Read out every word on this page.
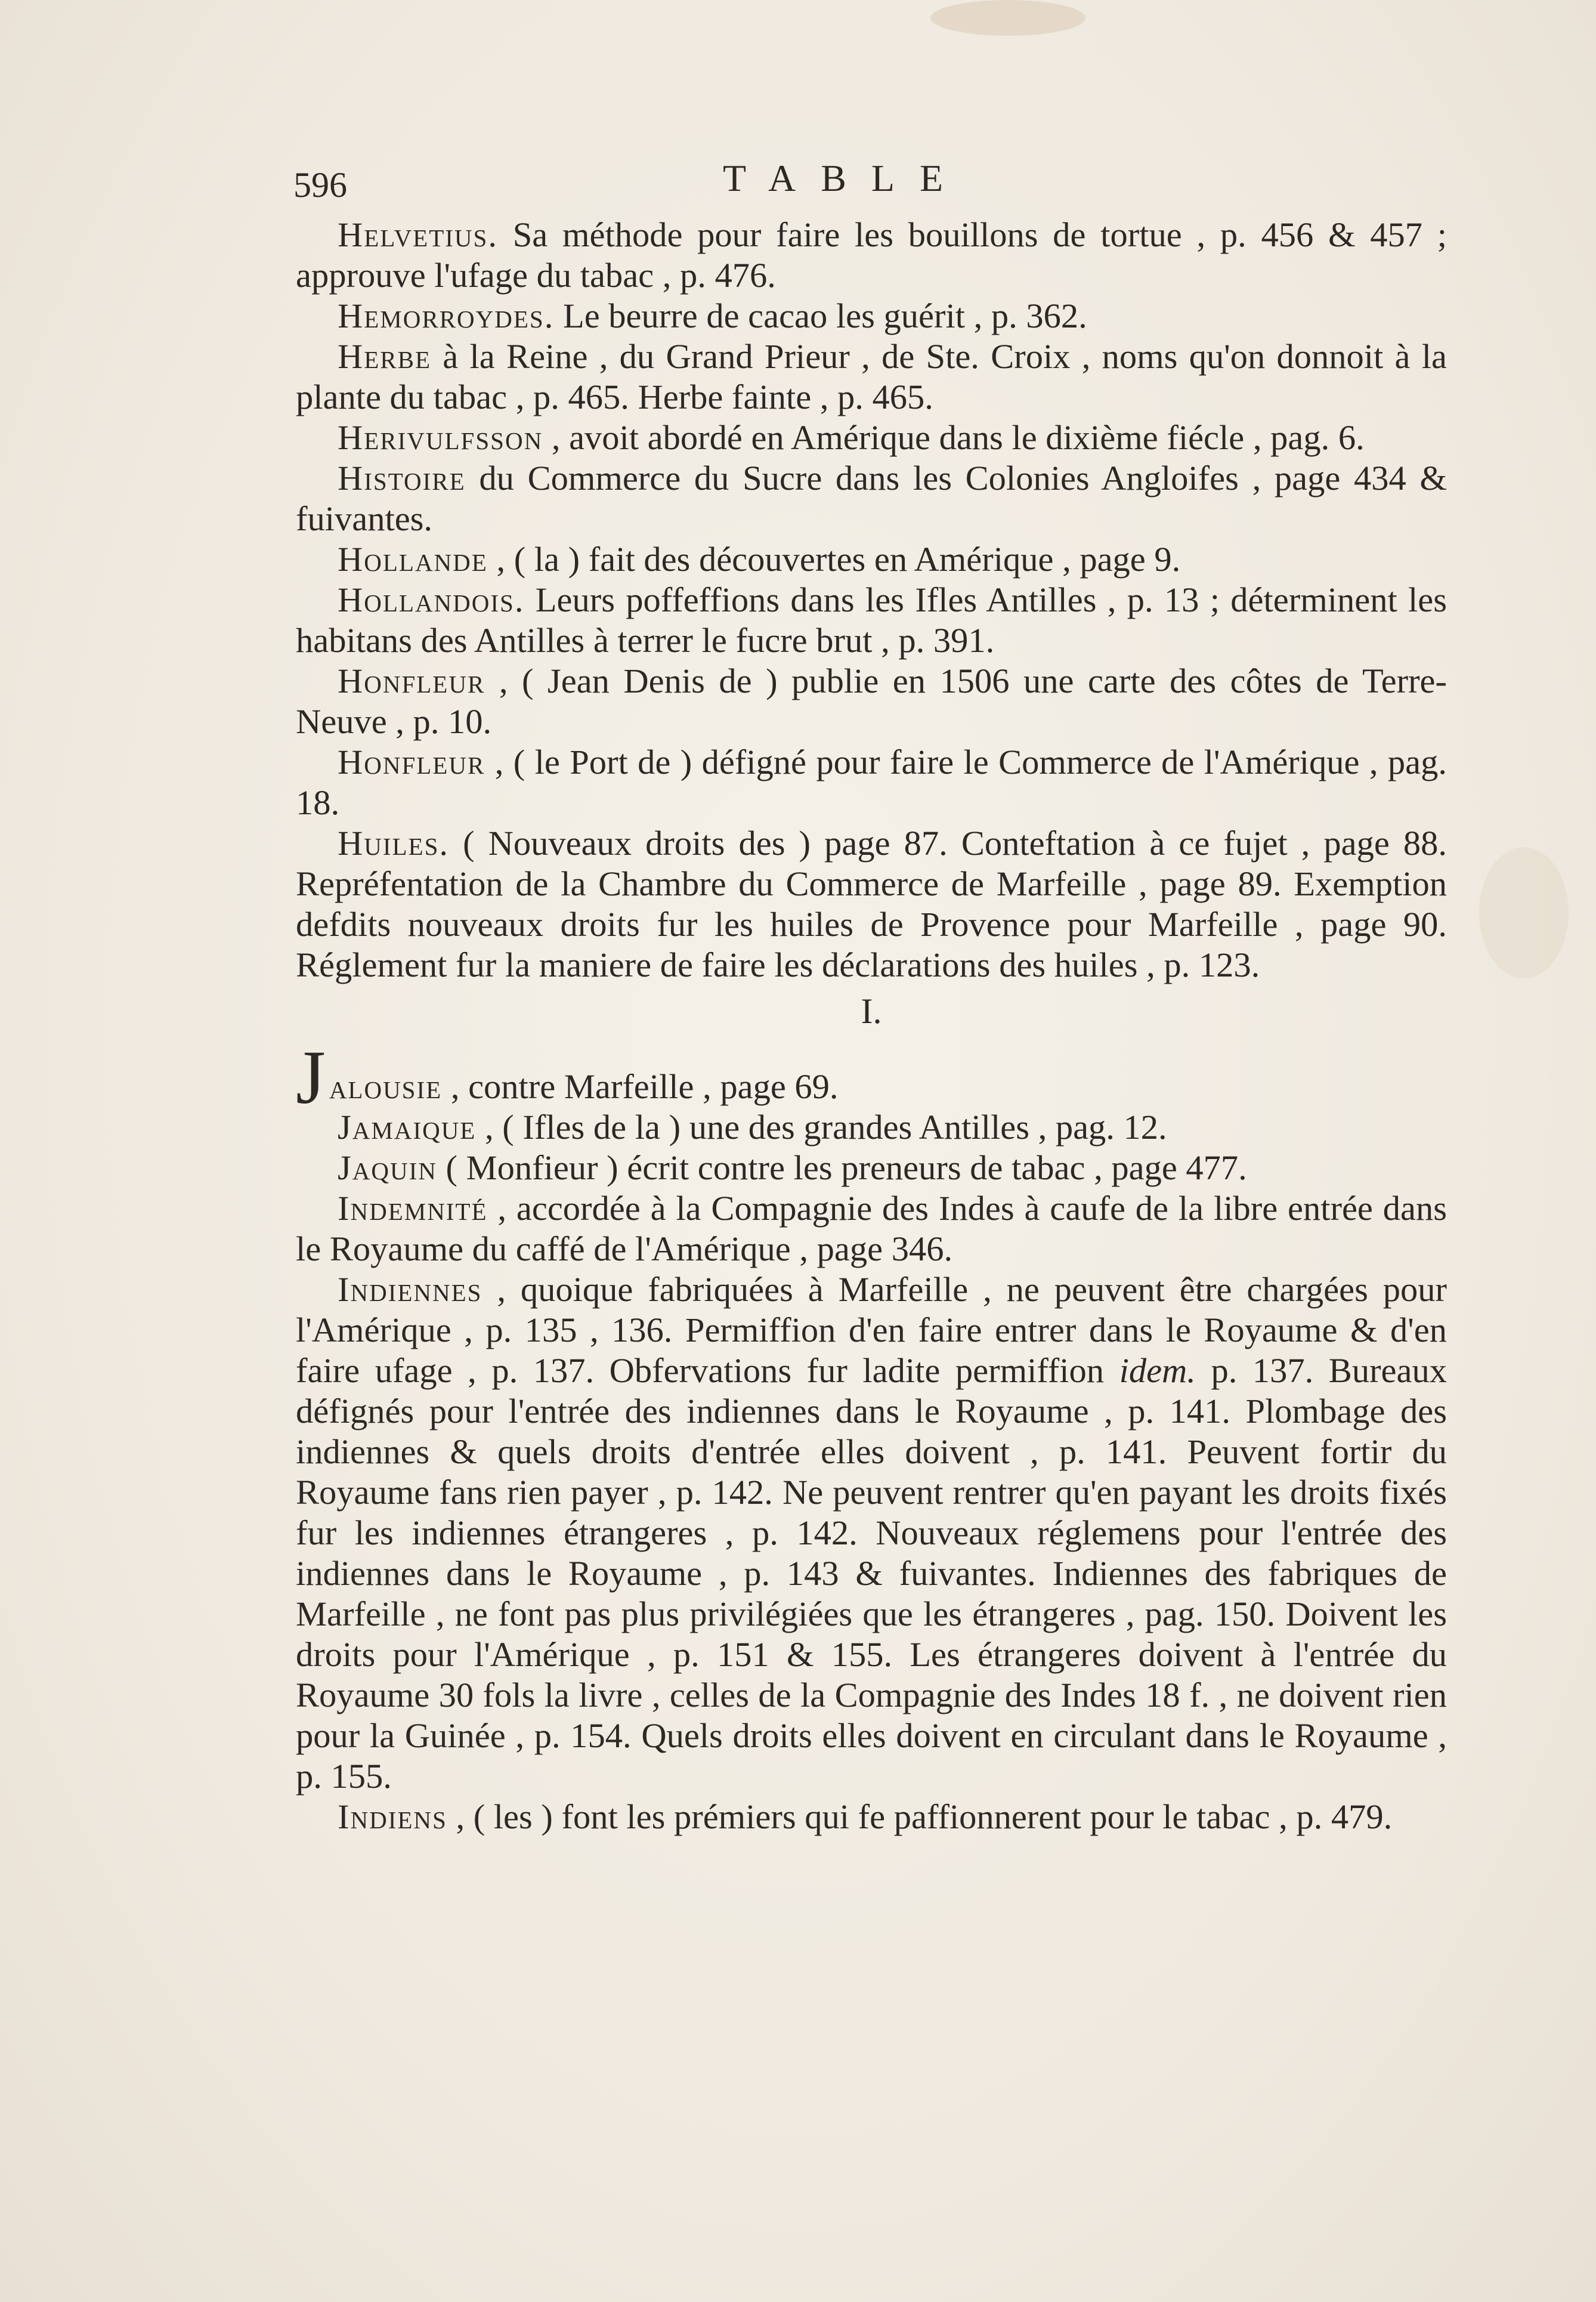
596	TABLE

Helvetius. Sa méthode pour faire les bouillons de tortue , p. 456 & 457 ; approuve l'ufage du tabac , p. 476.

Hemorroydes. Le beurre de cacao les guérit , p. 362.

Herbe à la Reine , du Grand Prieur , de Ste. Croix , noms qu'on donnoit à la plante du tabac , p. 465. Herbe fainte , p. 465.

Herivulfsson , avoit abordé en Amérique dans le dixième fiécle , pag. 6.

Histoire du Commerce du Sucre dans les Colonies Angloifes , page 434 & fuivantes.

Hollande , ( la ) fait des découvertes en Amérique , page 9.

Hollandois. Leurs poffeffions dans les Ifles Antilles , p. 13 ; déterminent les habitans des Antilles à terrer le fucre brut , p. 391.

Honfleur , ( Jean Denis de ) publie en 1506 une carte des côtes de Terre-Neuve , p. 10.

Honfleur , ( le Port de ) défigné pour faire le Commerce de l'Amérique , pag. 18.

Huiles. ( Nouveaux droits des ) page 87. Conteftation à ce fujet , page 88. Repréfentation de la Chambre du Commerce de Marfeille , page 89. Exemption defdits nouveaux droits fur les huiles de Provence pour Marfeille , page 90. Réglement fur la maniere de faire les déclarations des huiles , p. 123.

I.

Jalousie , contre Marfeille , page 69.

Jamaique , ( Ifles de la ) une des grandes Antilles , pag. 12.

Jaquin ( Monfieur ) écrit contre les preneurs de tabac , page 477.

Indemnité , accordée à la Compagnie des Indes à caufe de la libre entrée dans le Royaume du caffé de l'Amérique , page 346.

Indiennes , quoique fabriquées à Marfeille , ne peuvent être chargées pour l'Amérique , p. 135 , 136. Permiffion d'en faire entrer dans le Royaume & d'en faire ufage , p. 137. Obfervations fur ladite permiffion idem. p. 137. Bureaux défignés pour l'entrée des indiennes dans le Royaume , p. 141. Plombage des indiennes & quels droits d'entrée elles doivent , p. 141. Peuvent fortir du Royaume fans rien payer , p. 142. Ne peuvent rentrer qu'en payant les droits fixés fur les indiennes étrangeres , p. 142. Nouveaux réglemens pour l'entrée des indiennes dans le Royaume , p. 143 & fuivantes. Indiennes des fabriques de Marfeille , ne font pas plus privilégiées que les étrangeres , pag. 150. Doivent les droits pour l'Amérique , p. 151 & 155. Les étrangeres doivent à l'entrée du Royaume 30 fols la livre , celles de la Compagnie des Indes 18 f. , ne doivent rien pour la Guinée , p. 154. Quels droits elles doivent en circulant dans le Royaume , p. 155.

Indiens , ( les ) font les prémiers qui fe paffionnerent pour le tabac , p. 479.
